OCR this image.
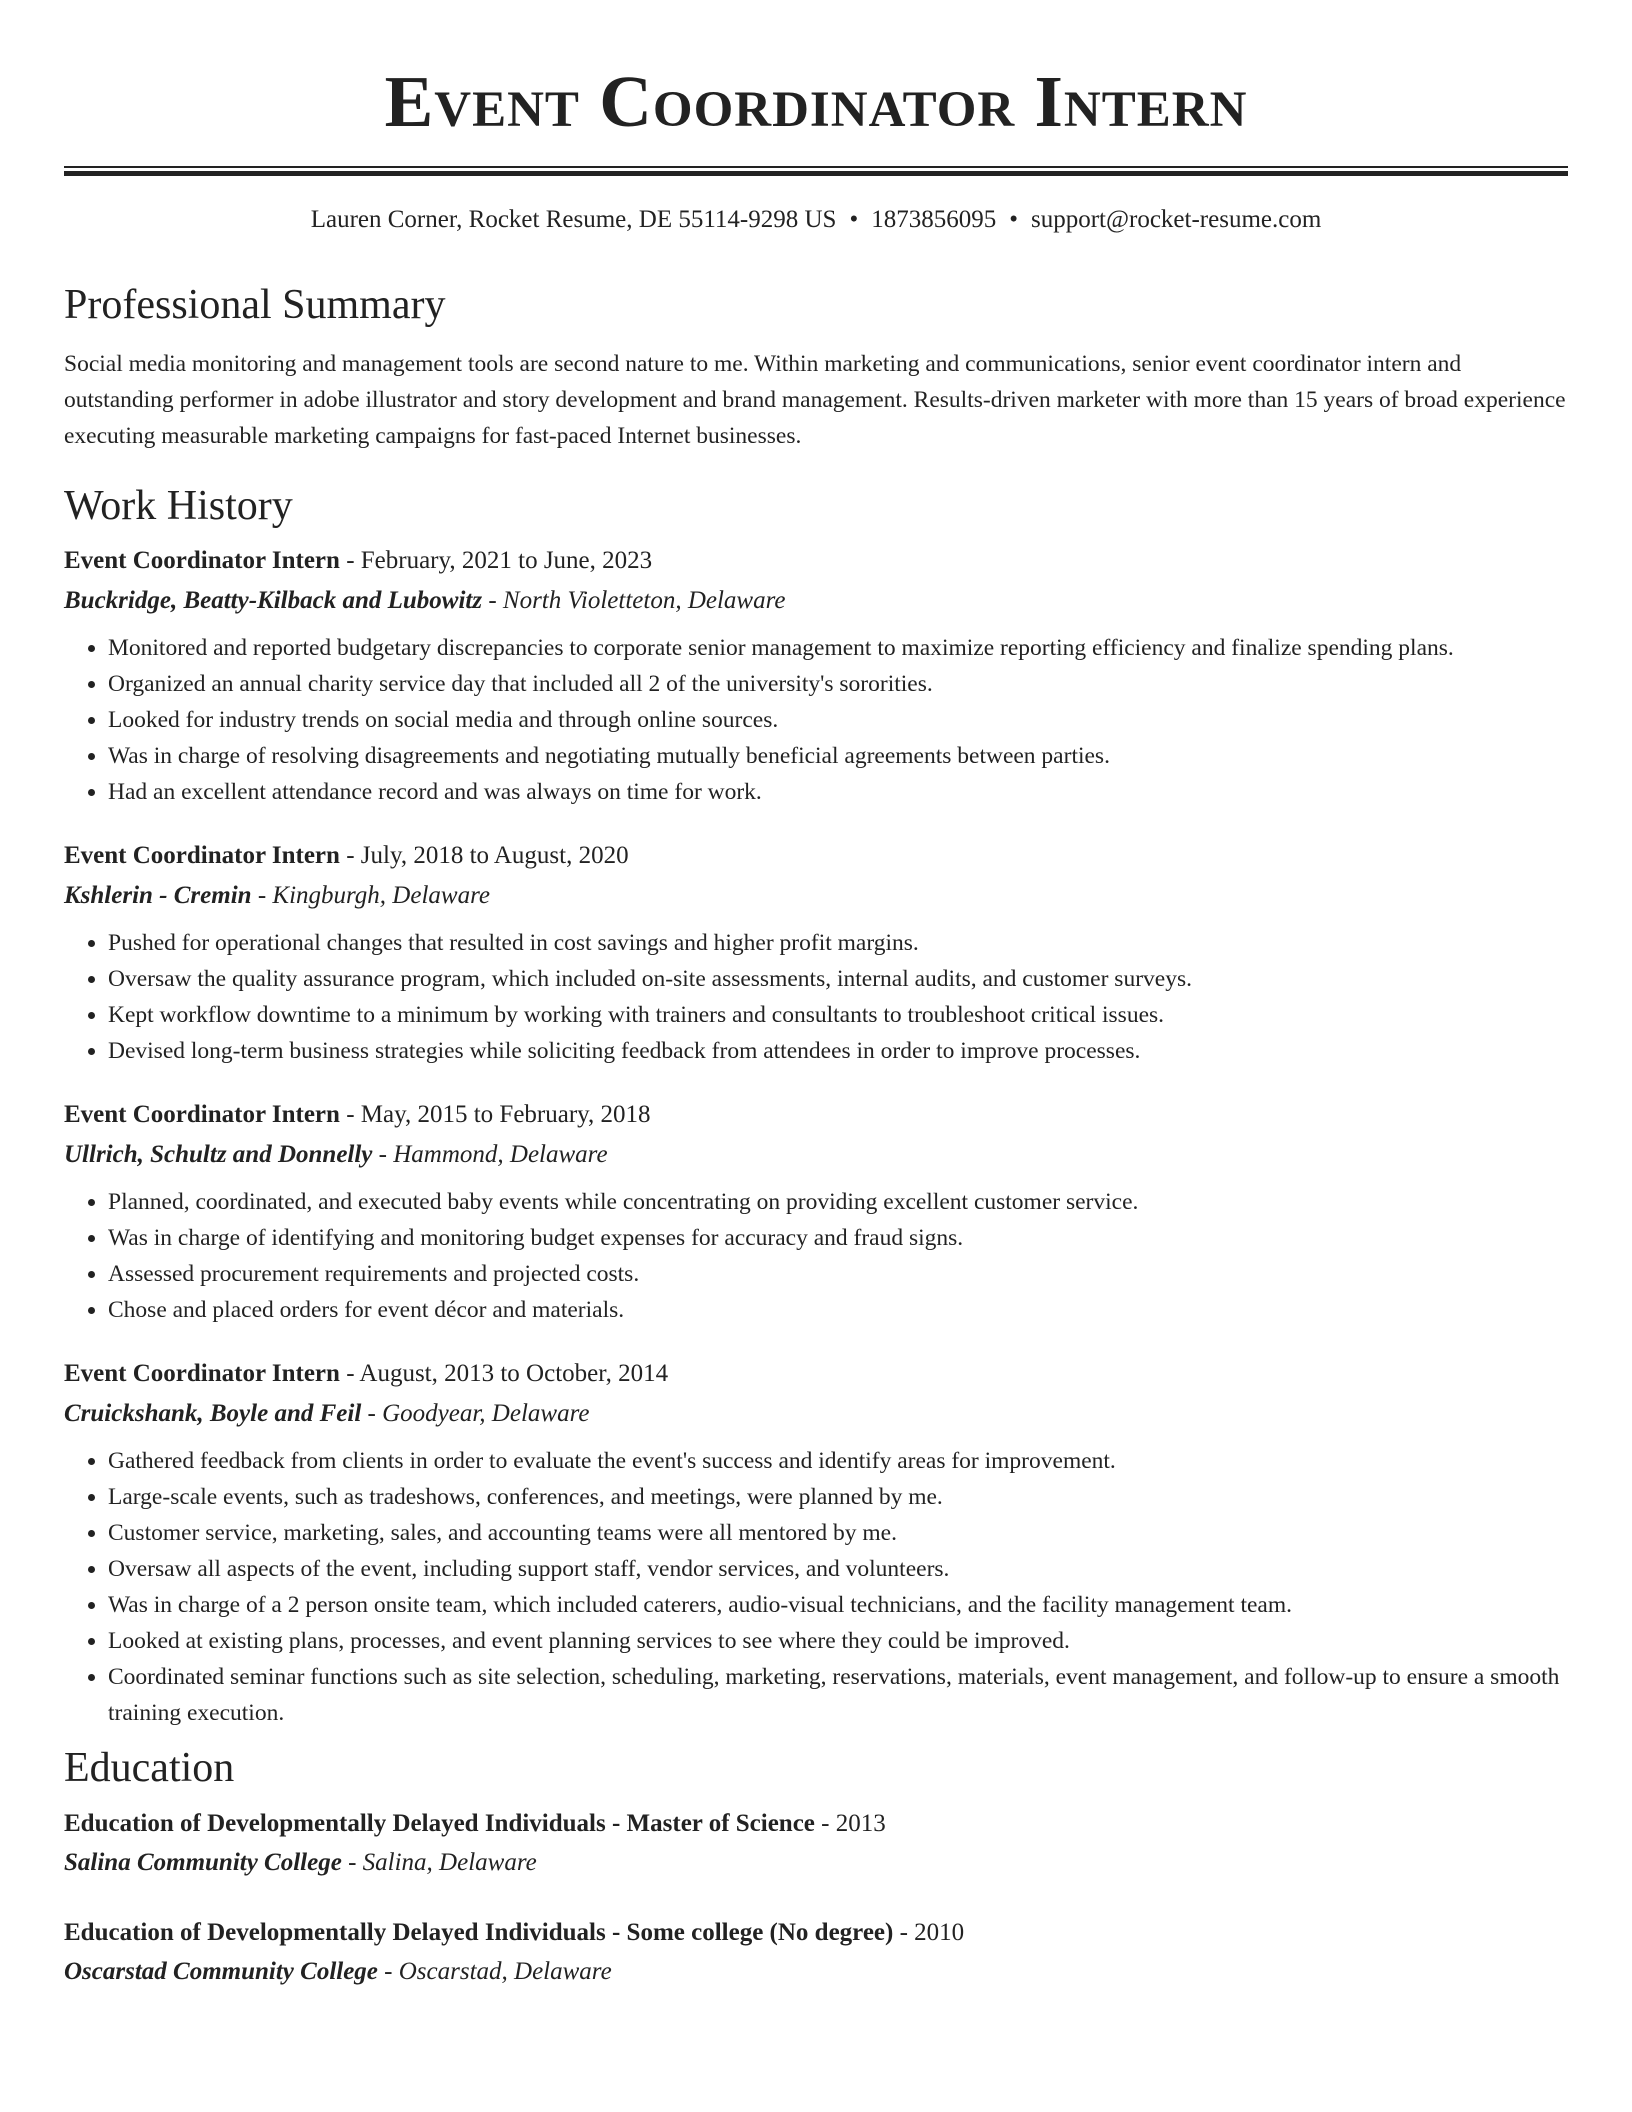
Event Coordinator Intern
Lauren Corner, Rocket Resume, DE 55114-9298 US • 1873856095 • support@rocket-resume.com
Professional Summary

Social media monitoring and management tools are second nature to me. Within marketing and communications, senior event coordinator intern and outstanding performer in adobe illustrator and story development and brand management. Results-driven marketer with more than 15 years of broad experience executing measurable marketing campaigns for fast-paced Internet businesses.

Work History
Event Coordinator Intern - February, 2021 to June, 2023
Buckridge, Beatty-Kilback and Lubowitz - North Violetteton, Delaware
• Monitored and reported budgetary discrepancies to corporate senior management to maximize reporting efficiency and finalize spending plans.
• Organized an annual charity service day that included all 2 of the university's sororities.
• Looked for industry trends on social media and through online sources.
• Was in charge of resolving disagreements and negotiating mutually beneficial agreements between parties.
• Had an excellent attendance record and was always on time for work.
Event Coordinator Intern - July, 2018 to August, 2020
Kshlerin - Cremin - Kingburgh, Delaware
• Pushed for operational changes that resulted in cost savings and higher profit margins.
• Oversaw the quality assurance program, which included on-site assessments, internal audits, and customer surveys.
• Kept workflow downtime to a minimum by working with trainers and consultants to troubleshoot critical issues.
• Devised long-term business strategies while soliciting feedback from attendees in order to improve processes.
Event Coordinator Intern - May, 2015 to February, 2018
Ullrich, Schultz and Donnelly - Hammond, Delaware
• Planned, coordinated, and executed baby events while concentrating on providing excellent customer service.
• Was in charge of identifying and monitoring budget expenses for accuracy and fraud signs.
• Assessed procurement requirements and projected costs.
• Chose and placed orders for event décor and materials.
Event Coordinator Intern - August, 2013 to October, 2014
Cruickshank, Boyle and Feil - Goodyear, Delaware
• Gathered feedback from clients in order to evaluate the event's success and identify areas for improvement.
• Large-scale events, such as tradeshows, conferences, and meetings, were planned by me.
• Customer service, marketing, sales, and accounting teams were all mentored by me.
• Oversaw all aspects of the event, including support staff, vendor services, and volunteers.
• Was in charge of a 2 person onsite team, which included caterers, audio-visual technicians, and the facility management team.
• Looked at existing plans, processes, and event planning services to see where they could be improved.
• Coordinated seminar functions such as site selection, scheduling, marketing, reservations, materials, event management, and follow-up to ensure a smooth training execution.
Education
Education of Developmentally Delayed Individuals - Master of Science - 2013
Salina Community College - Salina, Delaware
Education of Developmentally Delayed Individuals - Some college (No degree) - 2010
Oscarstad Community College - Oscarstad, Delaware
